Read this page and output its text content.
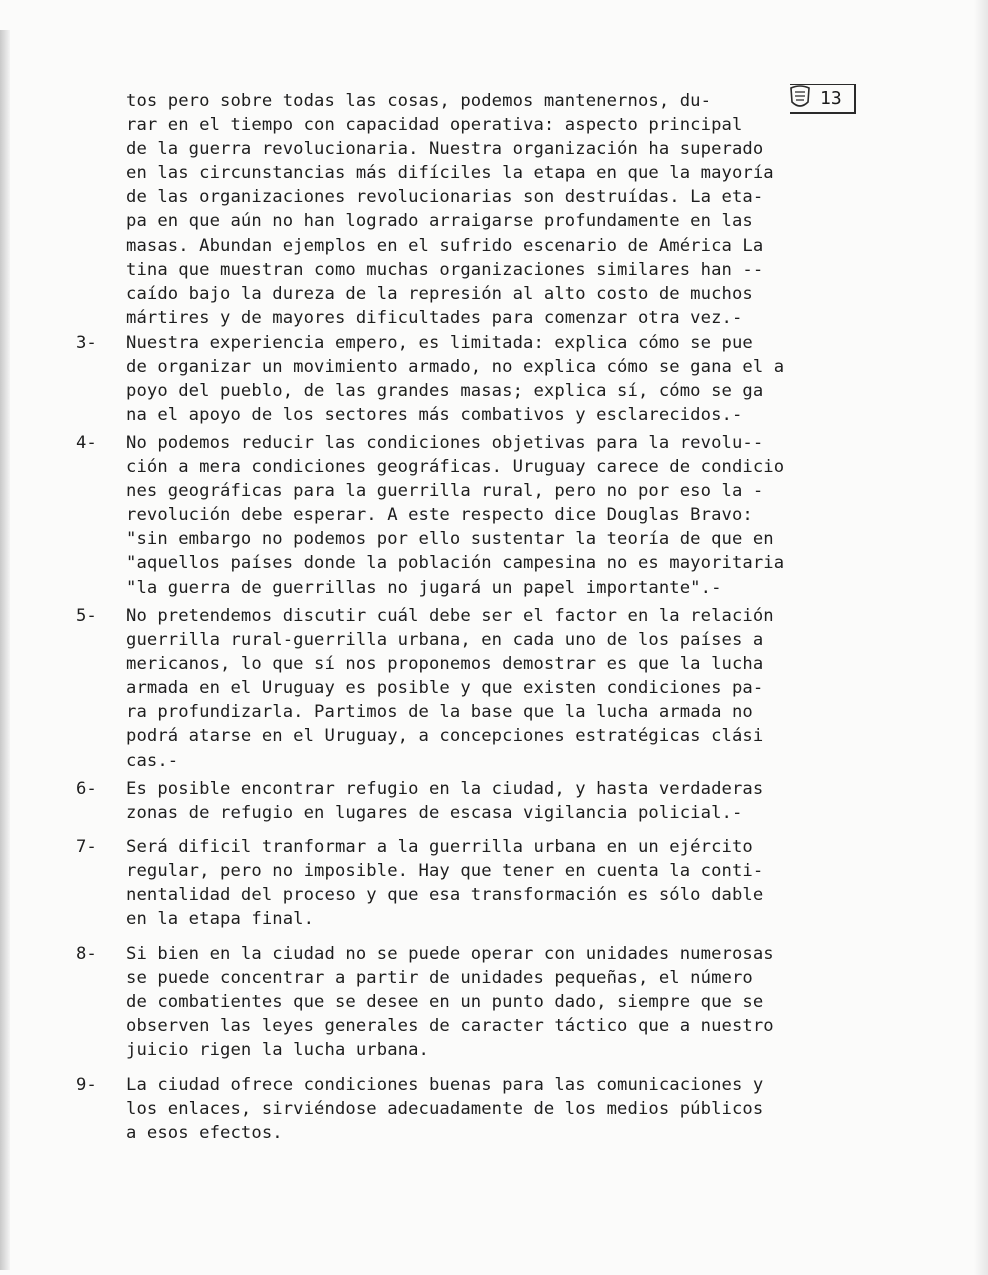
13
tos pero sobre todas las cosas, podemos mantenernos, du-
rar en el tiempo con capacidad operativa: aspecto principal
de la guerra revolucionaria. Nuestra organización ha superado
en las circunstancias más difíciles la etapa en que la mayoría
de las organizaciones revolucionarias son destruídas. La eta-
pa en que aún no han logrado arraigarse profundamente en las
masas. Abundan ejemplos en el sufrido escenario de América La
tina que muestran como muchas organizaciones similares han --
caído bajo la dureza de la represión al alto costo de muchos
mártires y de mayores dificultades para comenzar otra vez.-
3- Nuestra experiencia empero, es limitada: explica cómo se pue
de organizar un movimiento armado, no explica cómo se gana el a
poyo del pueblo, de las grandes masas; explica sí, cómo se ga
na el apoyo de los sectores más combativos y esclarecidos.-
4- No podemos reducir las condiciones objetivas para la revolu--
ción a mera condiciones geográficas. Uruguay carece de condicio
nes geográficas para la guerrilla rural, pero no por eso la -
revolución debe esperar. A este respecto dice Douglas Bravo:
"sin embargo no podemos por ello sustentar la teoría de que en
"aquellos países donde la población campesina no es mayoritaria
"la guerra de guerrillas no jugará un papel importante".-
5- No pretendemos discutir cuál debe ser el factor en la relación
guerrilla rural-guerrilla urbana, en cada uno de los países a
mericanos, lo que sí nos proponemos demostrar es que la lucha
armada en el Uruguay es posible y que existen condiciones pa-
ra profundizarla. Partimos de la base que la lucha armada no
podrá atarse en el Uruguay, a concepciones estratégicas clási
cas.-
6- Es posible encontrar refugio en la ciudad, y hasta verdaderas
zonas de refugio en lugares de escasa vigilancia policial.-
7- Será dificil tranformar a la guerrilla urbana en un ejército
regular, pero no imposible. Hay que tener en cuenta la conti-
nentalidad del proceso y que esa transformación es sólo dable
en la etapa final.
8- Si bien en la ciudad no se puede operar con unidades numerosas
se puede concentrar a partir de unidades pequeñas, el número
de combatientes que se desee en un punto dado, siempre que se
observen las leyes generales de caracter táctico que a nuestro
juicio rigen la lucha urbana.
9- La ciudad ofrece condiciones buenas para las comunicaciones y
los enlaces, sirviéndose adecuadamente de los medios públicos
a esos efectos.
